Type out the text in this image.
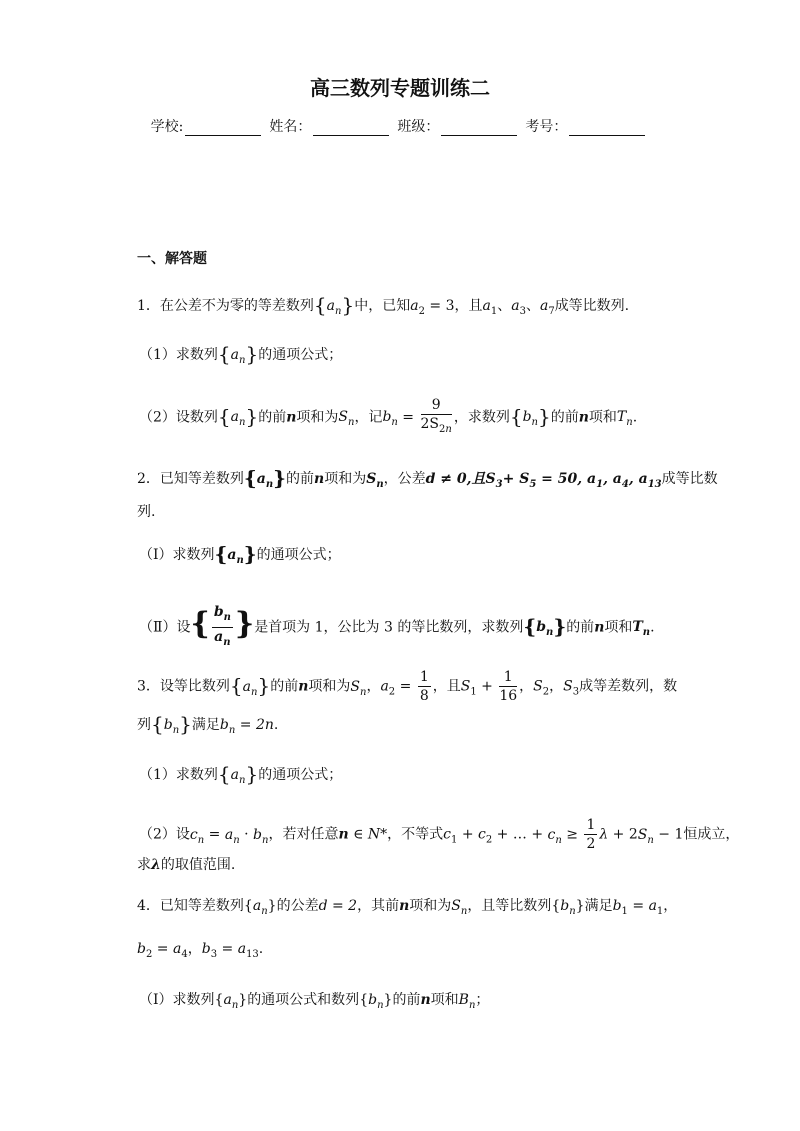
高三数列专题训练二
学校:	姓名：	班级：	考号：
一、解答题
1．在公差不为零的等差数列$\{a_n\}$中，已知$a_2 = 3$，且$a_1$、$a_3$、$a_7$成等比数列.
（1）求数列$\{a_n\}$的通项公式；
（2）设数列$\{a_n\}$的前n项和为$S_n$，记$b_n = \frac{9}{2S_{2n}}$ ，求数列$\{b_n\}$的前n项和$T_n$.
2．已知等差数列$\{a_n\}$的前n项和为$S_n$，公差d ≠ 0,且$S_3+ S_5 = 50$, $a_1$, $a_4$, $a_{13}$成等比数
列.
（Ⅰ）求数列$\{a_n\}$的通项公式；
（Ⅱ）设{ $\frac{b_n}{a_n}$ }是首项为 1，公比为 3 的等比数列，求数列$\{b_n\}$的前n项和$T_n$.
3．设等比数列$\{a_n\}$的前n项和为$S_n$，$a_2 = \frac{1}{8}$ ，且$S_1 + \frac{1}{16}$ ，$S_2$，$S_3$成等差数列，数
列$\{b_n\}$满足$b_n = 2n$.
（1）求数列$\{a_n\}$的通项公式；
（2）设$c_n = a_n \cdot b_n$，若对任意n ∈ N*，不等式$c_1 + c_2$ + … + $c_n \ge \frac{1}{2}$ $\lambda + 2S_n - 1$恒成立，
求λ的取值范围.
4．已知等差数列$\{a_n\}$的公差d = 2，其前n项和为$S_n$，且等比数列$\{b_n\}$满足$b_1 = a_1$，
$b_2 = a_4$，$b_3 = a_{13}$.
（Ⅰ）求数列$\{a_n\}$的通项公式和数列$\{b_n\}$的前n项和$B_n$；
